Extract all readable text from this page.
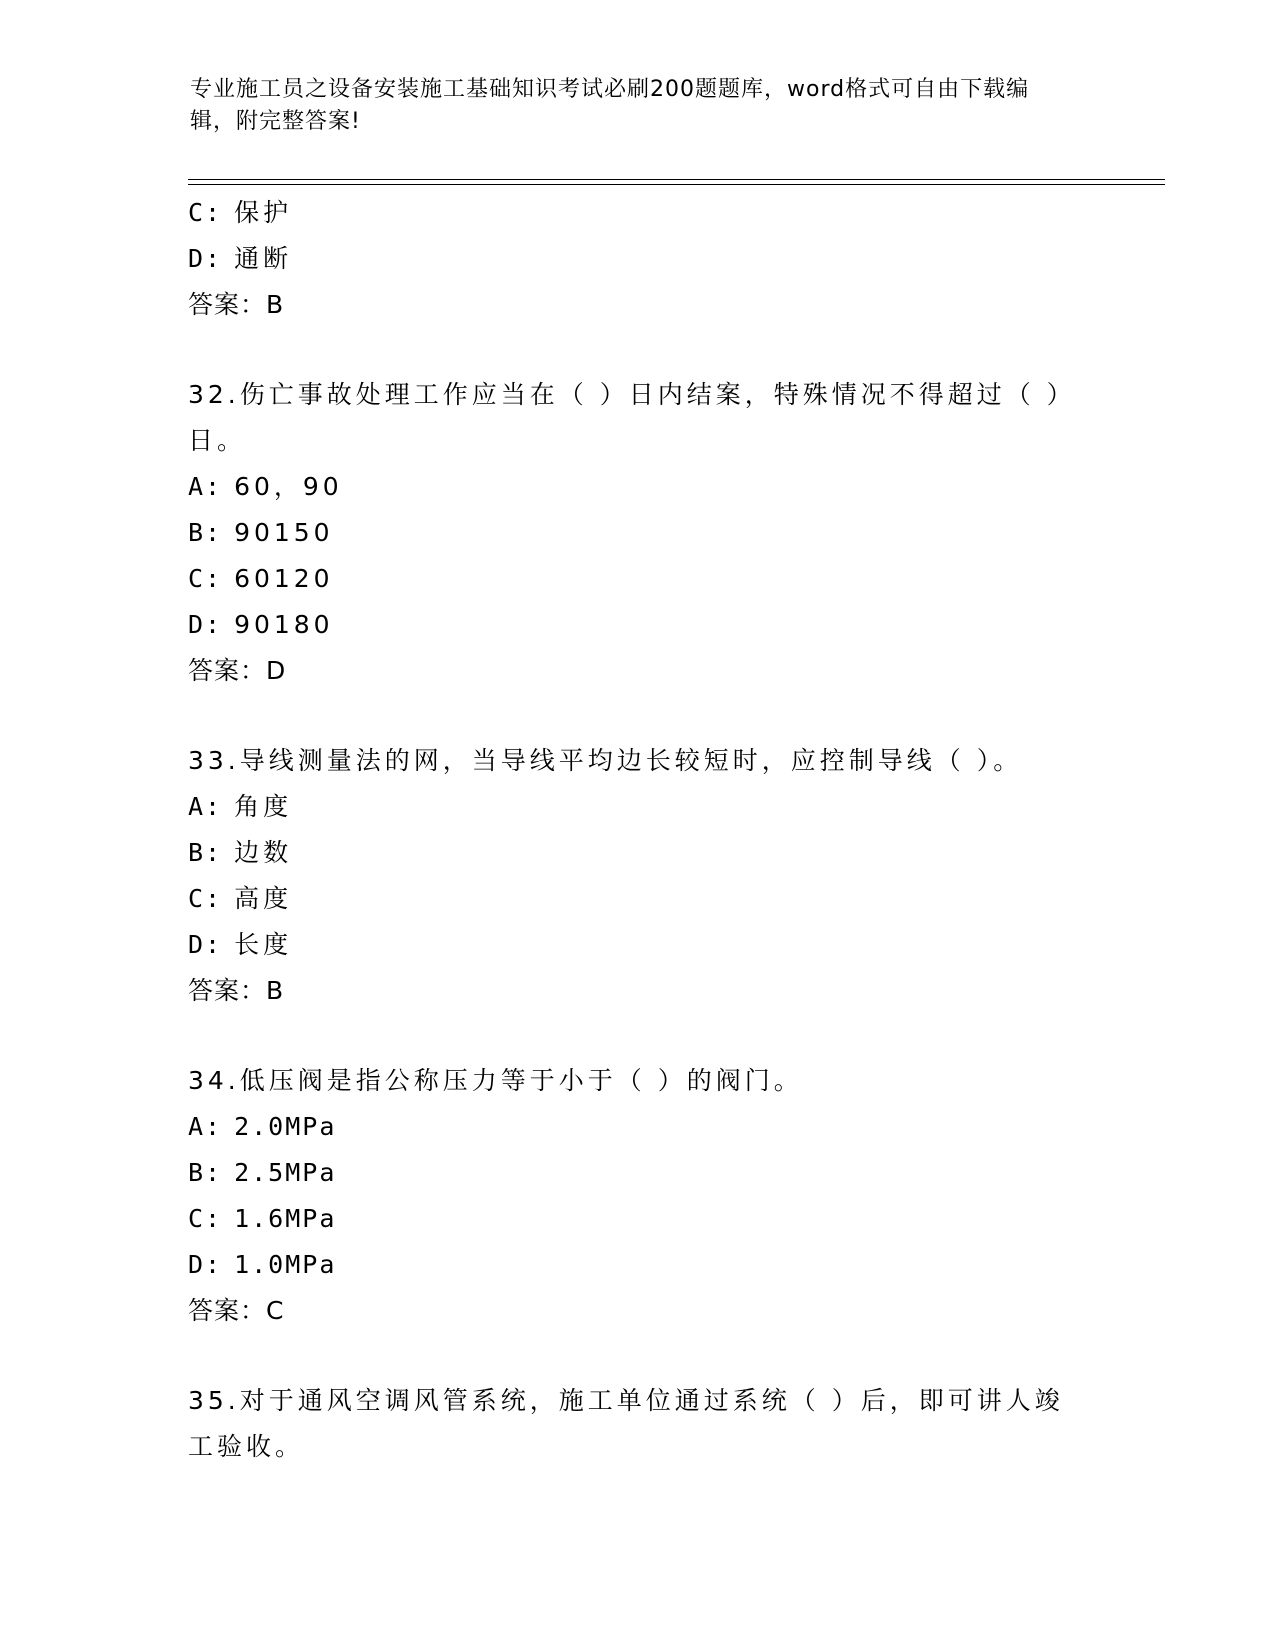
专业施工员之设备安装施工基础知识考试必刷200题题库，word格式可自由下载编辑，附完整答案!
C: 保护
D: 通断
答案：B
32.伤亡事故处理工作应当在（ ）日内结案，特殊情况不得超过（ ）日。
A: 60，90
B: 90150
C: 60120
D: 90180
答案：D
33.导线测量法的网，当导线平均边长较短时，应控制导线（ ）。
A: 角度
B: 边数
C: 高度
D: 长度
答案：B
34.低压阀是指公称压力等于小于（ ）的阀门。
A: 2.0MPa
B: 2.5MPa
C: 1.6MPa
D: 1.0MPa
答案：C
35.对于通风空调风管系统，施工单位通过系统（ ）后，即可讲人竣工验收。
